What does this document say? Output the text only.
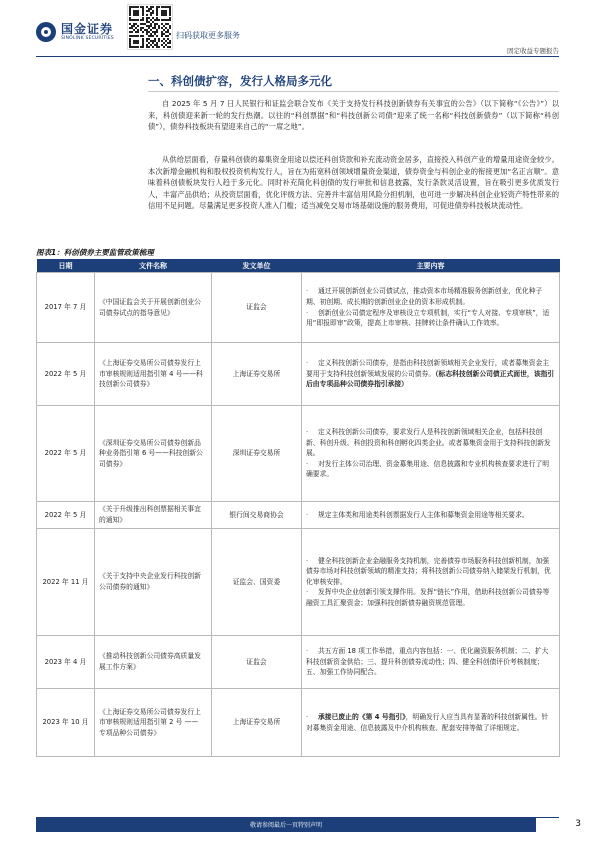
国金证券
SINOLINK SECURITIES	扫码获取更多服务
固定收益专题报告
一、科创债扩容，发行人格局多元化
自 2025 年 5 月 7 日人民银行和证监会联合发布《关于支持发行科技创新债券有关事宜的公告》（以下简称“《公告》”）以来，科创债迎来新一轮的发行热潮。以往的“科创票据”和“科技创新公司债”迎来了统一名称“科技创新债券”（以下简称“科创债”），债券科技板块有望迎来自己的“一席之地”。
从供给层面看，存量科创债的募集资金用途以偿还科创贷款和补充流动资金居多，直接投入科创产业的增量用途资金较少。本次新增金融机构和股权投资机构发行人，旨在为拓宽科创领域增量资金渠道，债券资金与科创企业的衔接更加“名正言顺”。意味着科创债板块发行人趋于多元化。同时补充简化科创债的发行审批和信息披露，发行条款灵活设置，旨在吸引更多优质发行人，丰富产品供给；从投资层面看，优化评级方法、完善并丰富信用风险分担机制，也可进一步解决科创企业轻资产特性带来的信用不足问题。尽量满足更多投资人准入门槛；适当减免交易市场基础设施的服务费用，可促进债券科技板块流动性。
图表1：科创债券主要监管政策梳理
日期	文件名称	发文单位	主要内容
2017 年 7 月	《中国证监会关于开展创新创业公司债券试点的指导意见》	证监会	· 通过开展创新创业公司债试点，推动资本市场精准服务创新创业，优化种子期、初创期、成长期的创新创业企业的资本形成机制。
· 创新创业公司债定程序及审核设立专项机制，实行“专人对接、专项审核”，适用“即报即审”政策，提高上市审核、挂牌转让条件确认工作效率。

2022 年 5 月	《上海证券交易所公司债券发行上市审核规则适用指引第 4 号——科技创新公司债券》	上海证券交易所	· 定义科技创新公司债券，是指由科技创新领域相关企业发行，或者募集资金主要用于支持科技创新领域发展的公司债券。（标志科技创新公司债正式面世，该指引后由专项品种公司债券指引承接）

2022 年 5 月	《深圳证券交易所公司债券创新品种业务指引第 6 号——科技创新公司债券》	深圳证券交易所	· 定义科技创新公司债券，要求发行人是科技创新领域相关企业，包括科技创新、科创升级、科创投资和科创孵化四类企业。或者募集资金用于支持科技创新发展。
· 对发行主体公司治理、资金募集用途、信息披露和专业机构核查要求进行了明确要求。

2022 年 5 月	《关于升级推出科创票据相关事宜的通知》	银行间交易商协会	· 规定主体类和用途类科创票据发行人主体和募集资金用途等相关要求。

2022 年 11 月	《关于支持中央企业发行科技创新公司债券的通知》	证监会、国资委	· 健全科技创新企业金融服务支持机制，完善债券市场服务科技创新机制，加强债券市场对科技创新领域的精准支持；将科技创新公司债券纳入储架发行机制，优化审核安排。
· 发挥中央企业创新引领支撑作用。发挥“链长”作用，借助科技创新公司债券等融资工具汇聚资金；加强科技创新债券融资规范管理。

2023 年 4 月	《推动科技创新公司债券高质量发展工作方案》	证监会	· 共五方面 18 项工作举措，重点内容包括：一、优化融资服务机制；二、扩大科技创新资金供给；三、提升科创债券流动性；四、健全科创债评价考核制度；五、加强工作协同配合。

2023 年 10 月	《上海证券交易所公司债券发行上市审核规则适用指引第 2 号 —— 专项品种公司债券》	上海证券交易所	· 承接已废止的《第 4 号指引》，明确发行人应当具有显著的科技创新属性。针对募集资金用途、信息披露及中介机构核查、配套安排等做了详细规定。
敬请参阅最后一页特别声明	3
